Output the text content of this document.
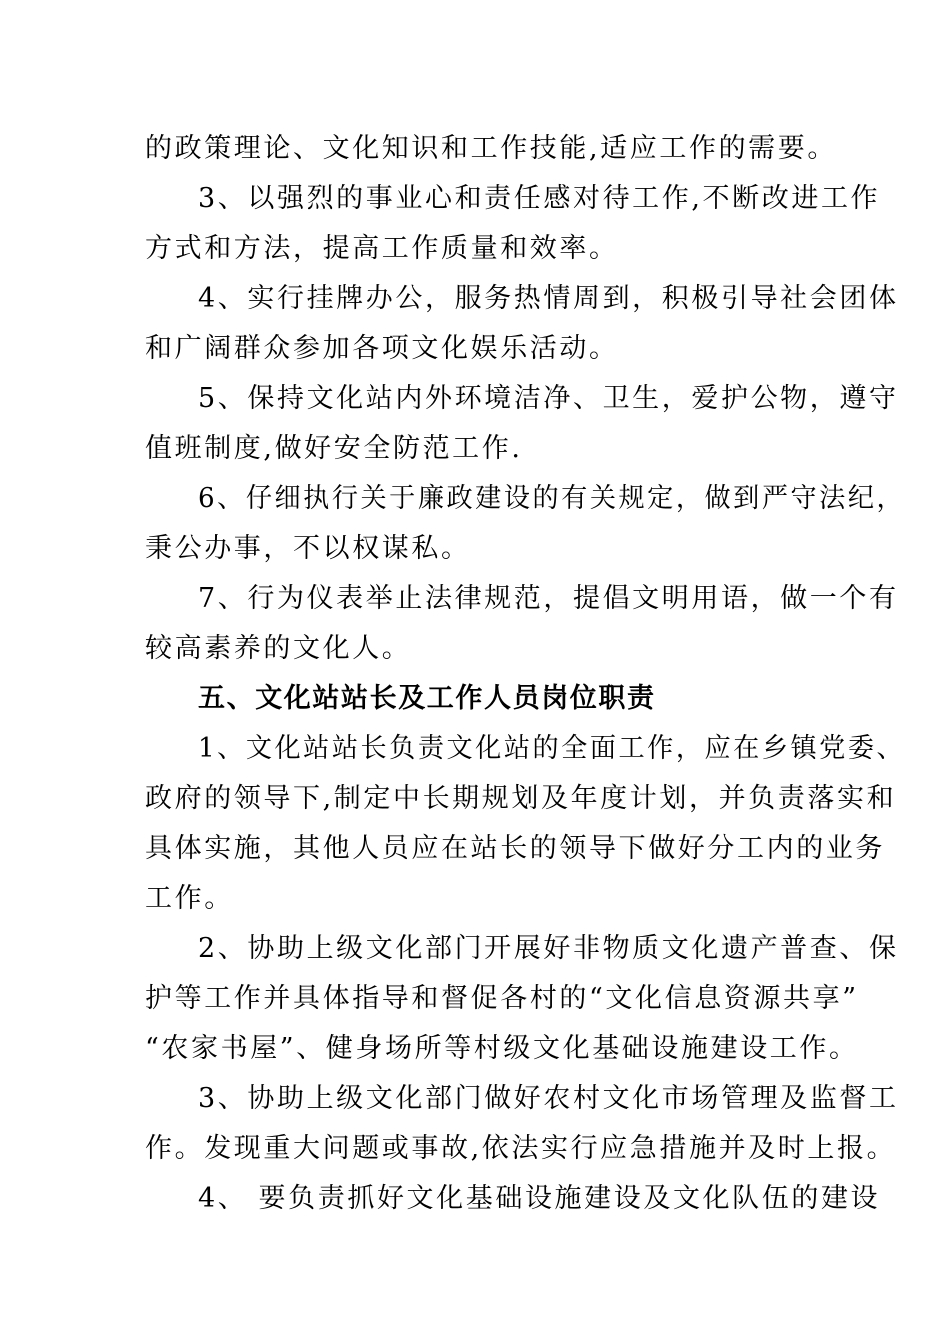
的政策理论、文化知识和工作技能,适应工作的需要。
3、以强烈的事业心和责任感对待工作,不断改进工作
方式和方法，提高工作质量和效率。
4、实行挂牌办公，服务热情周到，积极引导社会团体
和广阔群众参加各项文化娱乐活动。
5、保持文化站内外环境洁净、卫生，爱护公物，遵守
值班制度,做好安全防范工作.
6、仔细执行关于廉政建设的有关规定，做到严守法纪，
秉公办事，不以权谋私。
7、行为仪表举止法律规范，提倡文明用语，做一个有
较高素养的文化人。
五、文化站站长及工作人员岗位职责
1、文化站站长负责文化站的全面工作，应在乡镇党委、
政府的领导下,制定中长期规划及年度计划，并负责落实和
具体实施，其他人员应在站长的领导下做好分工内的业务
工作。
2、协助上级文化部门开展好非物质文化遗产普查、保
护等工作并具体指导和督促各村的“文化信息资源共享”
“农家书屋”、健身场所等村级文化基础设施建设工作。
3、协助上级文化部门做好农村文化市场管理及监督工
作。发现重大问题或事故,依法实行应急措施并及时上报。
4、 要负责抓好文化基础设施建设及文化队伍的建设
